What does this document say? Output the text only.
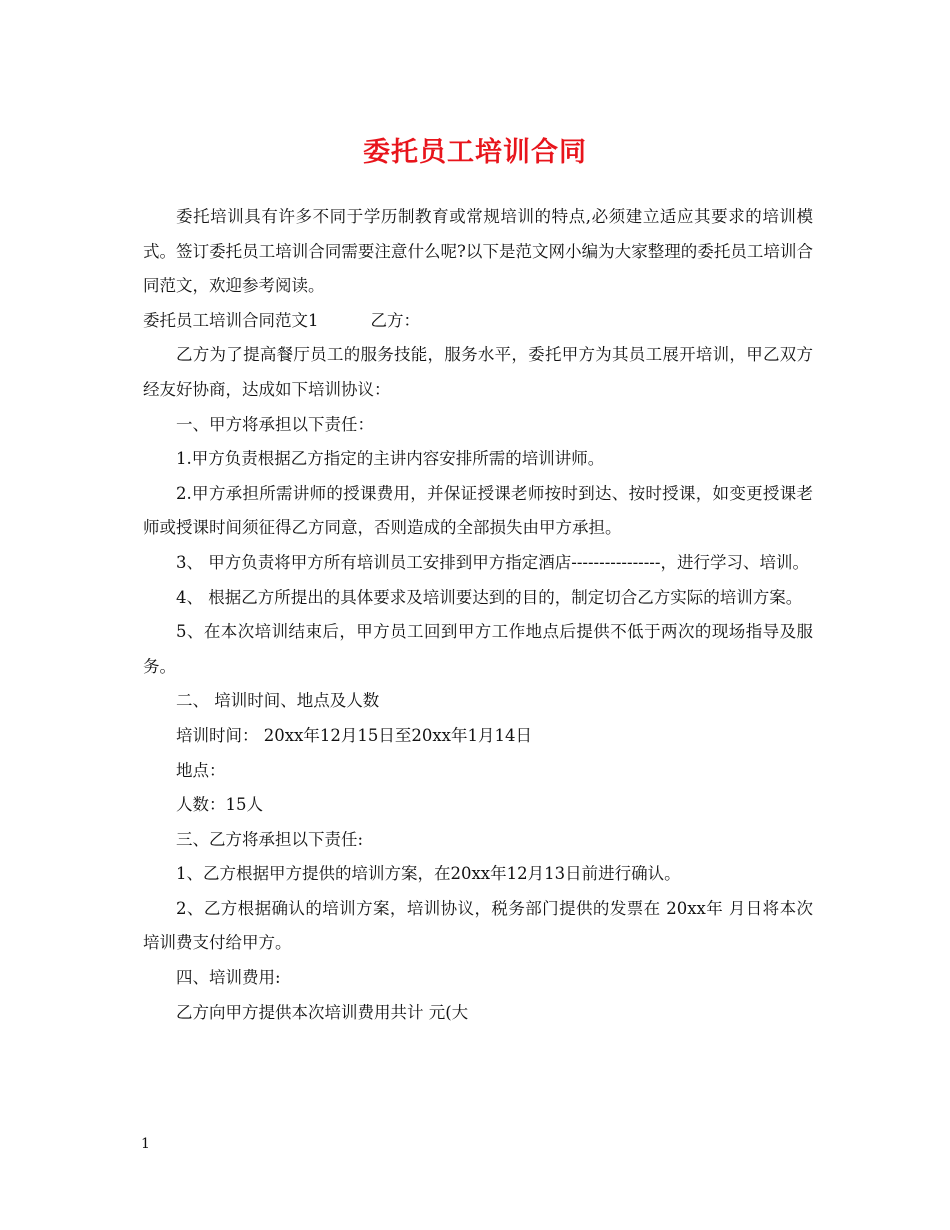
委托员工培训合同

委托培训具有许多不同于学历制教育或常规培训的特点,必须建立适应其要求的培训模式。签订委托员工培训合同需要注意什么呢?以下是范文网小编为大家整理的委托员工培训合同范文，欢迎参考阅读。

委托员工培训合同范文1	乙方：

乙方为了提高餐厅员工的服务技能，服务水平，委托甲方为其员工展开培训，甲乙双方经友好协商，达成如下培训协议：

一、甲方将承担以下责任：

1.甲方负责根据乙方指定的主讲内容安排所需的培训讲师。

2.甲方承担所需讲师的授课费用，并保证授课老师按时到达、按时授课，如变更授课老师或授课时间须征得乙方同意，否则造成的全部损失由甲方承担。

3、 甲方负责将甲方所有培训员工安排到甲方指定酒店----------------，进行学习、培训。

4、 根据乙方所提出的具体要求及培训要达到的目的，制定切合乙方实际的培训方案。

5、在本次培训结束后，甲方员工回到甲方工作地点后提供不低于两次的现场指导及服务。

二、 培训时间、地点及人数

培训时间： 20xx年12月15日至20xx年1月14日

地点：

人数：15人

三、乙方将承担以下责任:

1、乙方根据甲方提供的培训方案，在20xx年12月13日前进行确认。

2、乙方根据确认的培训方案，培训协议，税务部门提供的发票在 20xx年 月日将本次培训费支付给甲方。

四、培训费用:

乙方向甲方提供本次培训费用共计 元(大

1
